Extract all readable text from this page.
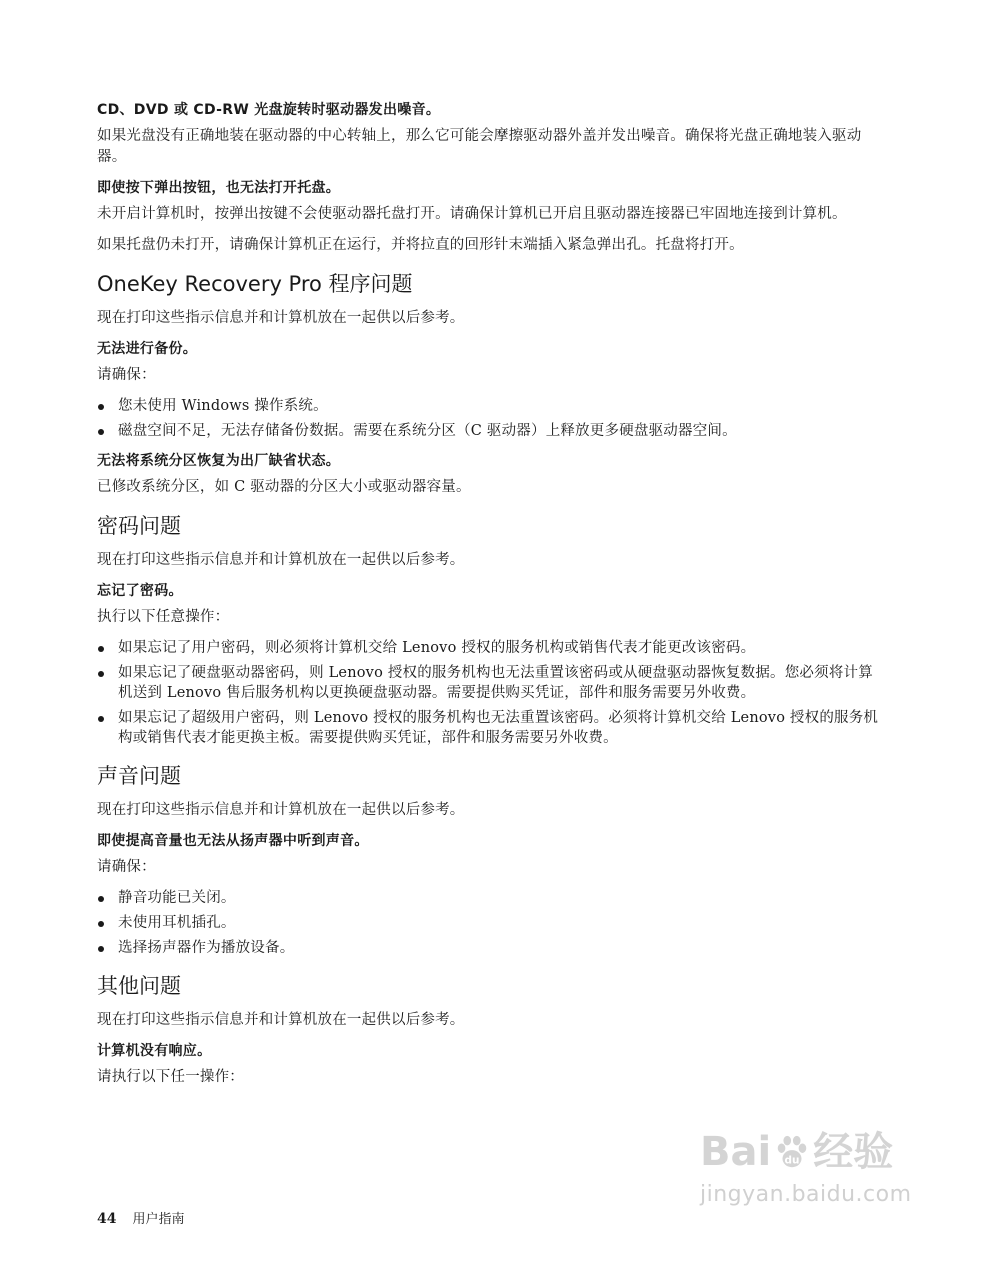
CD、DVD 或 CD-RW 光盘旋转时驱动器发出噪音。

如果光盘没有正确地装在驱动器的中心转轴上，那么它可能会摩擦驱动器外盖并发出噪音。确保将光盘正确地装入驱动器。

即使按下弹出按钮，也无法打开托盘。

未开启计算机时，按弹出按键不会使驱动器托盘打开。请确保计算机已开启且驱动器连接器已牢固地连接到计算机。

如果托盘仍未打开，请确保计算机正在运行，并将拉直的回形针末端插入紧急弹出孔。托盘将打开。

OneKey Recovery Pro 程序问题

现在打印这些指示信息并和计算机放在一起供以后参考。

无法进行备份。

请确保：

您未使用 Windows 操作系统。
磁盘空间不足，无法存储备份数据。需要在系统分区（C 驱动器）上释放更多硬盘驱动器空间。
无法将系统分区恢复为出厂缺省状态。

已修改系统分区，如 C 驱动器的分区大小或驱动器容量。

密码问题

现在打印这些指示信息并和计算机放在一起供以后参考。

忘记了密码。

执行以下任意操作：

如果忘记了用户密码，则必须将计算机交给 Lenovo 授权的服务机构或销售代表才能更改该密码。
如果忘记了硬盘驱动器密码，则 Lenovo 授权的服务机构也无法重置该密码或从硬盘驱动器恢复数据。您必须将计算机送到 Lenovo 售后服务机构以更换硬盘驱动器。需要提供购买凭证，部件和服务需要另外收费。
如果忘记了超级用户密码，则 Lenovo 授权的服务机构也无法重置该密码。必须将计算机交给 Lenovo 授权的服务机构或销售代表才能更换主板。需要提供购买凭证，部件和服务需要另外收费。
声音问题

现在打印这些指示信息并和计算机放在一起供以后参考。

即使提高音量也无法从扬声器中听到声音。

请确保：

静音功能已关闭。
未使用耳机插孔。
选择扬声器作为播放设备。
其他问题

现在打印这些指示信息并和计算机放在一起供以后参考。

计算机没有响应。

请执行以下任一操作：

44 用户指南
Bai du 经验
jingyan.baidu.com
